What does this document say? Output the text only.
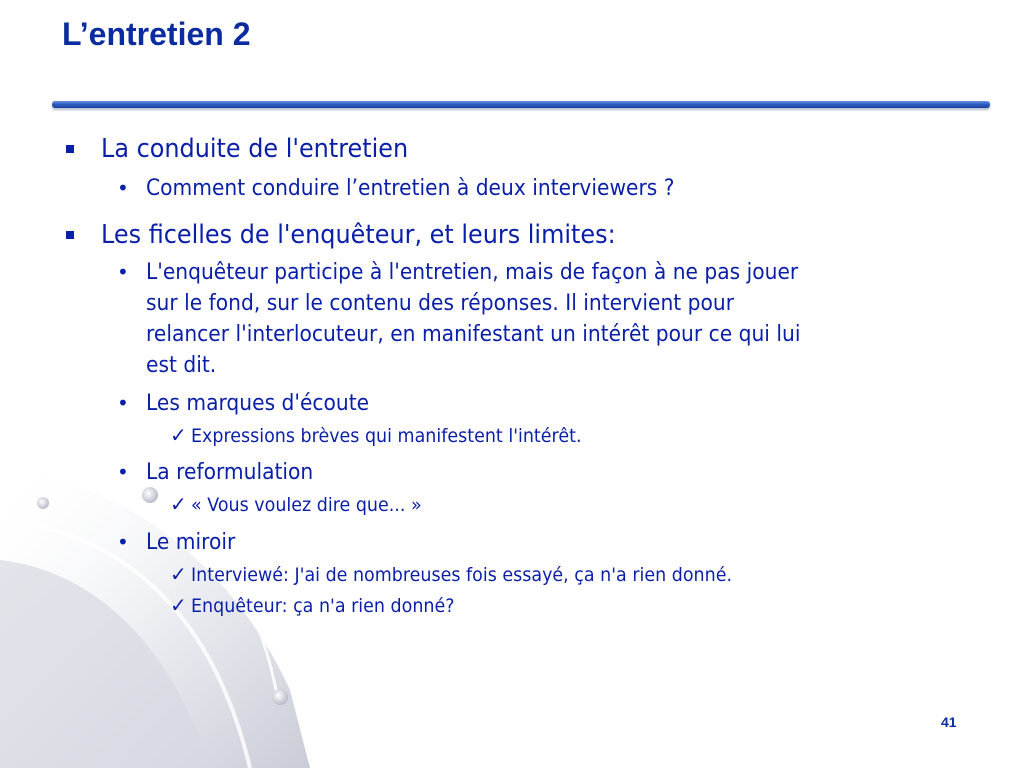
L’entretien 2
La conduite de l'entretien
• Comment conduire l’entretien à deux interviewers ?
Les ficelles de l'enquêteur, et leurs limites:
• L'enquêteur participe à l'entretien, mais de façon à ne pas jouer
sur le fond, sur le contenu des réponses. Il intervient pour
relancer l'interlocuteur, en manifestant un intérêt pour ce qui lui
est dit.
• Les marques d'écoute
✓ Expressions brèves qui manifestent l'intérêt.
• La reformulation
✓ « Vous voulez dire que... »
• Le miroir
✓ Interviewé: J'ai de nombreuses fois essayé, ça n'a rien donné.
✓ Enquêteur: ça n'a rien donné?
41
